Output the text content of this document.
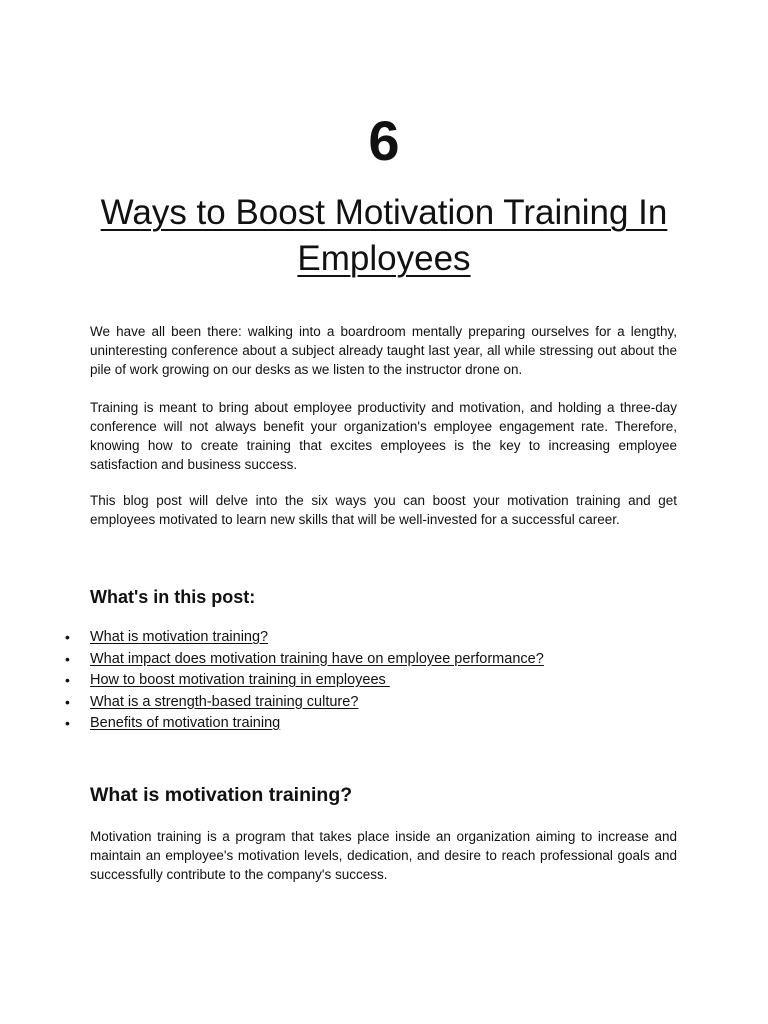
6
Ways to Boost Motivation Training In Employees

We have all been there: walking into a boardroom mentally preparing ourselves for a lengthy, uninteresting conference about a subject already taught last year, all while stressing out about the pile of work growing on our desks as we listen to the instructor drone on.

Training is meant to bring about employee productivity and motivation, and holding a three-day conference will not always benefit your organization's employee engagement rate. Therefore, knowing how to create training that excites employees is the key to increasing employee satisfaction and business success.

This blog post will delve into the six ways you can boost your motivation training and get employees motivated to learn new skills that will be well-invested for a successful career.

What's in this post:
•	What is motivation training?
•	What impact does motivation training have on employee performance?
•	How to boost motivation training in employees
•	What is a strength-based training culture?
•	Benefits of motivation training
What is motivation training?

Motivation training is a program that takes place inside an organization aiming to increase and maintain an employee's motivation levels, dedication, and desire to reach professional goals and successfully contribute to the company's success.
